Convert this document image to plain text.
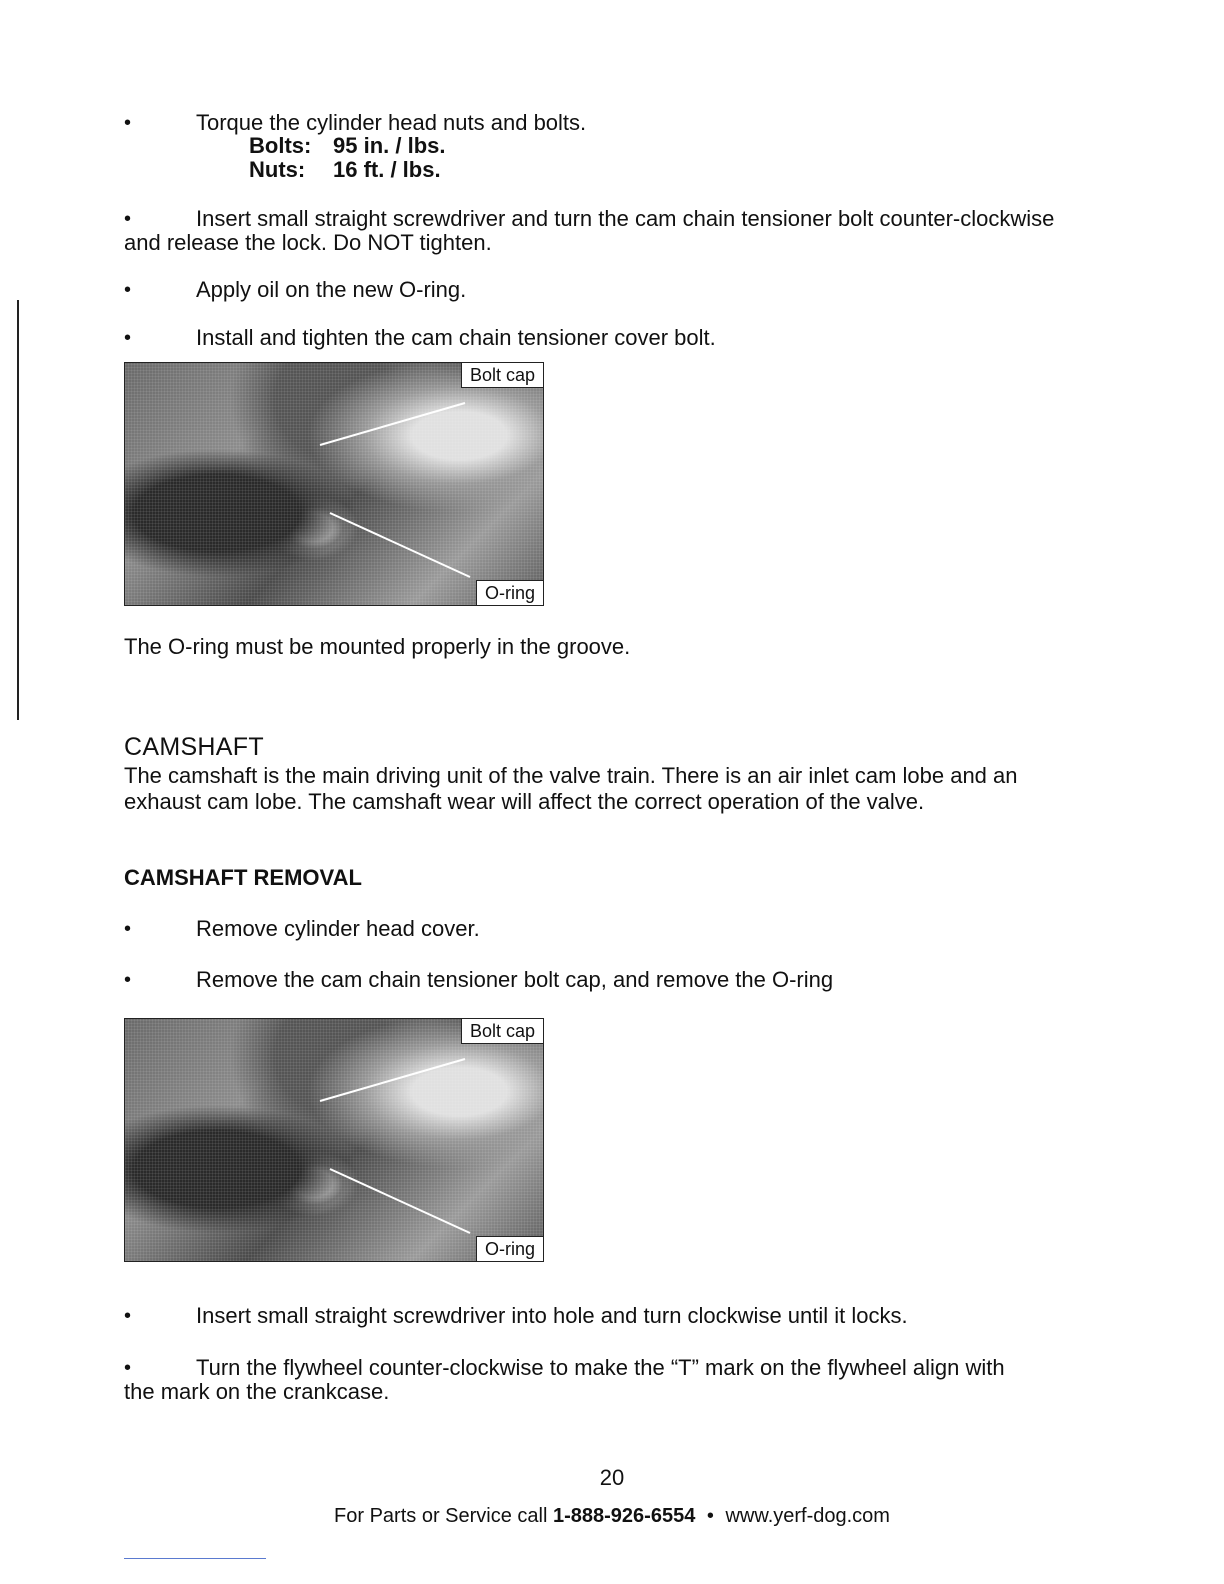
•	Torque the cylinder head nuts and bolts.
Bolts: 95 in. / lbs.
Nuts: 16 ft. / lbs.
•	Insert small straight screwdriver and turn the cam chain tensioner bolt counter-clockwise
and release the lock. Do NOT tighten.
•	Apply oil on the new O-ring.
•	Install and tighten the cam chain tensioner cover bolt.
Bolt cap
O-ring
The O-ring must be mounted properly in the groove.
CAMSHAFT
The camshaft is the main driving unit of the valve train. There is an air inlet cam lobe and an
exhaust cam lobe. The camshaft wear will affect the correct operation of the valve.
CAMSHAFT REMOVAL
•	Remove cylinder head cover.
•	Remove the cam chain tensioner bolt cap, and remove the O-ring
Bolt cap
O-ring
•	Insert small straight screwdriver into hole and turn clockwise until it locks.
•	Turn the flywheel counter-clockwise to make the “T” mark on the flywheel align with
the mark on the crankcase.
20
For Parts or Service call 1-888-926-6554 • www.yerf-dog.com
